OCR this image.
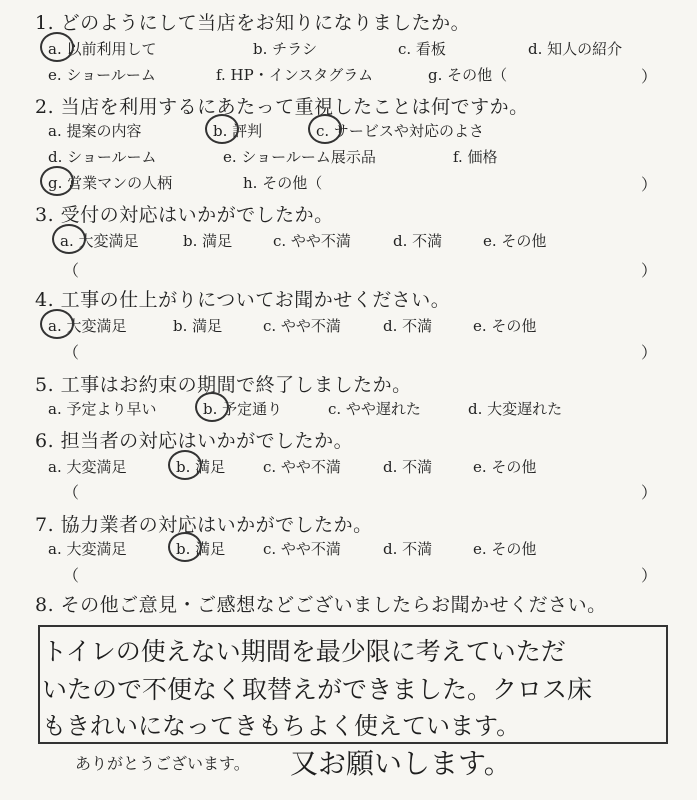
1. どのようにして当店をお知りになりましたか。
a. 以前利用して	b. チラシ	c. 看板	d. 知人の紹介
e. ショールーム	f. HP・インスタグラム	g. その他（	）
2. 当店を利用するにあたって重視したことは何ですか。
a. 提案の内容	b. 評判	c. サービスや対応のよさ
d. ショールーム	e. ショールーム展示品	f. 価格
g. 営業マンの人柄	h. その他（	）
3. 受付の対応はいかがでしたか。
a. 大変満足	b. 満足	c. やや不満	d. 不満	e. その他
（	）
4. 工事の仕上がりについてお聞かせください。
a. 大変満足	b. 満足	c. やや不満	d. 不満	e. その他
（	）
5. 工事はお約束の期間で終了しましたか。
a. 予定より早い	b. 予定通り	c. やや遅れた	d. 大変遅れた
6. 担当者の対応はいかがでしたか。
a. 大変満足	b. 満足	c. やや不満	d. 不満	e. その他
（	）
7. 協力業者の対応はいかがでしたか。
a. 大変満足	b. 満足	c. やや不満	d. 不満	e. その他
（	）
8. その他ご意見・ご感想などございましたらお聞かせください。
トイレの使えない期間を最少限に考えていただ
いたので不便なく取替えができました。クロス床
もきれいになってきもちよく使えています。
ありがとうございます。 又お願いします。
